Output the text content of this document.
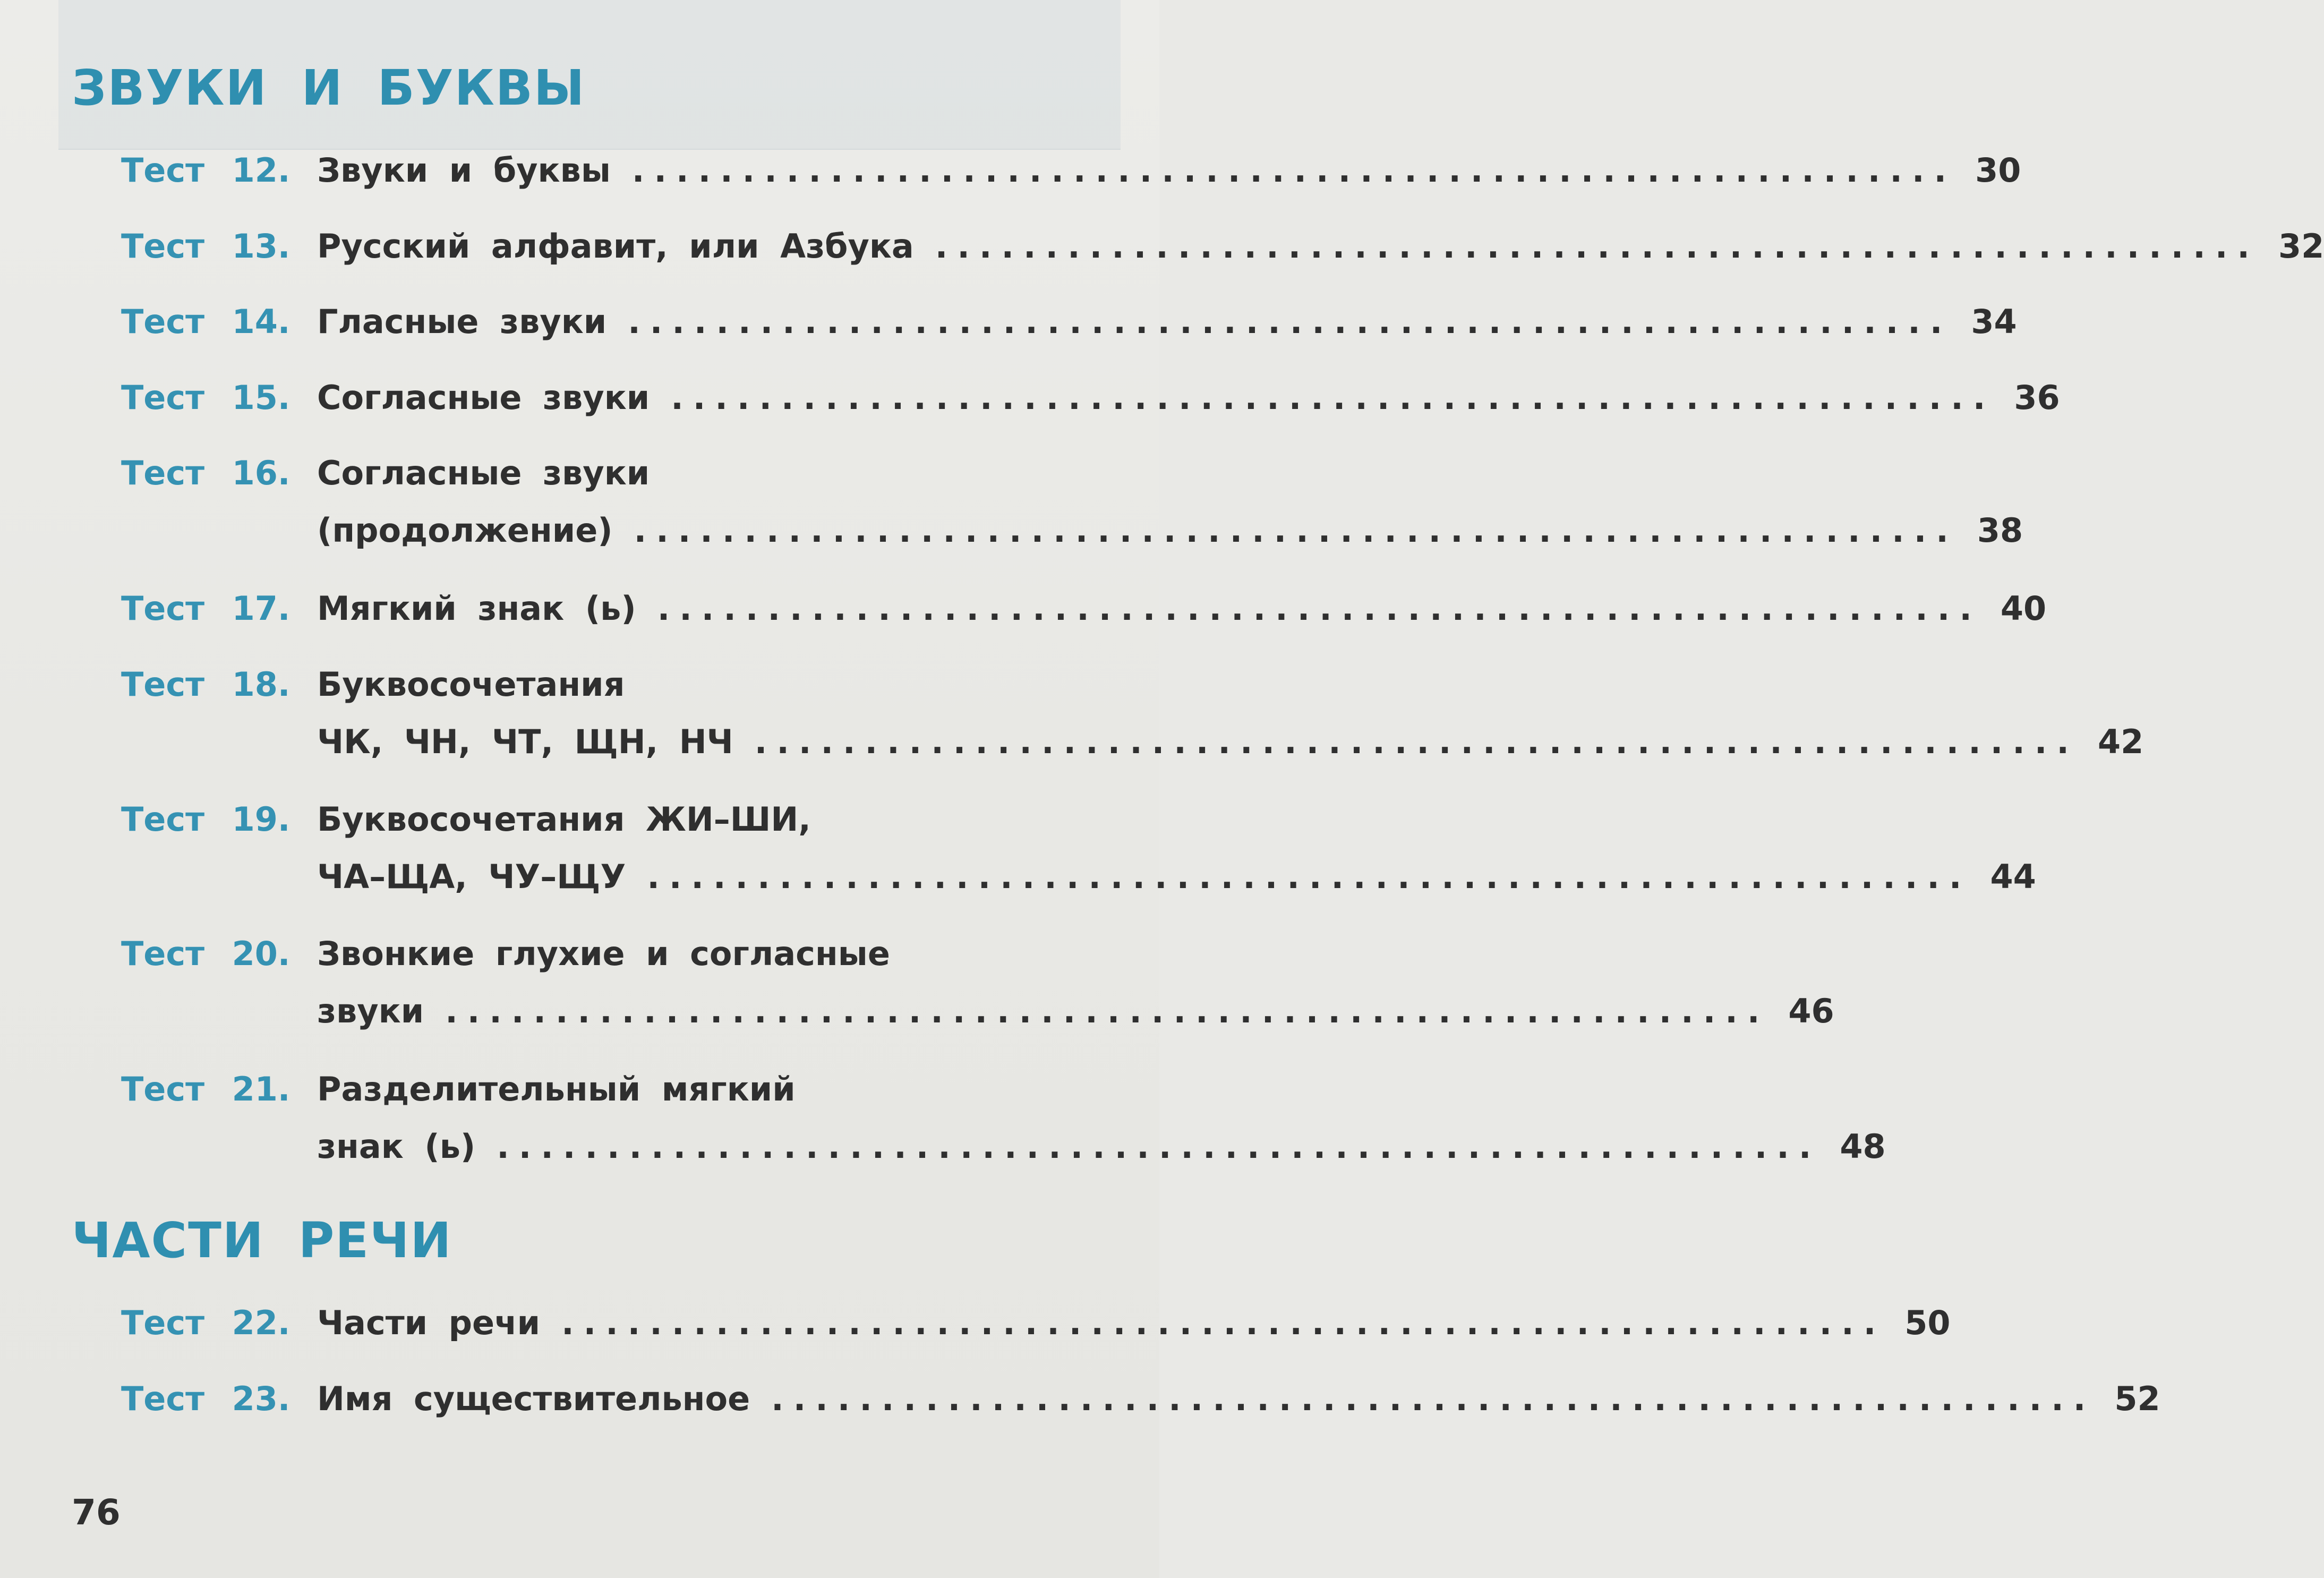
ЗВУКИ И БУКВЫ
Тест 12. Звуки и буквы ............................................................ 30
Тест 13. Русский алфавит, или Азбука ............................................................ 32
Тест 14. Гласные звуки ............................................................ 34
Тест 15. Согласные звуки ............................................................ 36
Тест 16. Согласные звуки
(продолжение) ............................................................ 38
Тест 17. Мягкий знак (ь) ............................................................ 40
Тест 18. Буквосочетания
ЧК, ЧН, ЧТ, ЩН, НЧ ............................................................ 42
Тест 19. Буквосочетания ЖИ–ШИ,
ЧА–ЩА, ЧУ–ЩУ ............................................................ 44
Тест 20. Звонкие глухие и согласные
звуки ............................................................ 46
Тест 21. Разделительный мягкий
знак (ь) ............................................................ 48
ЧАСТИ РЕЧИ
Тест 22. Части речи ............................................................ 50
Тест 23. Имя существительное ............................................................ 52
76
